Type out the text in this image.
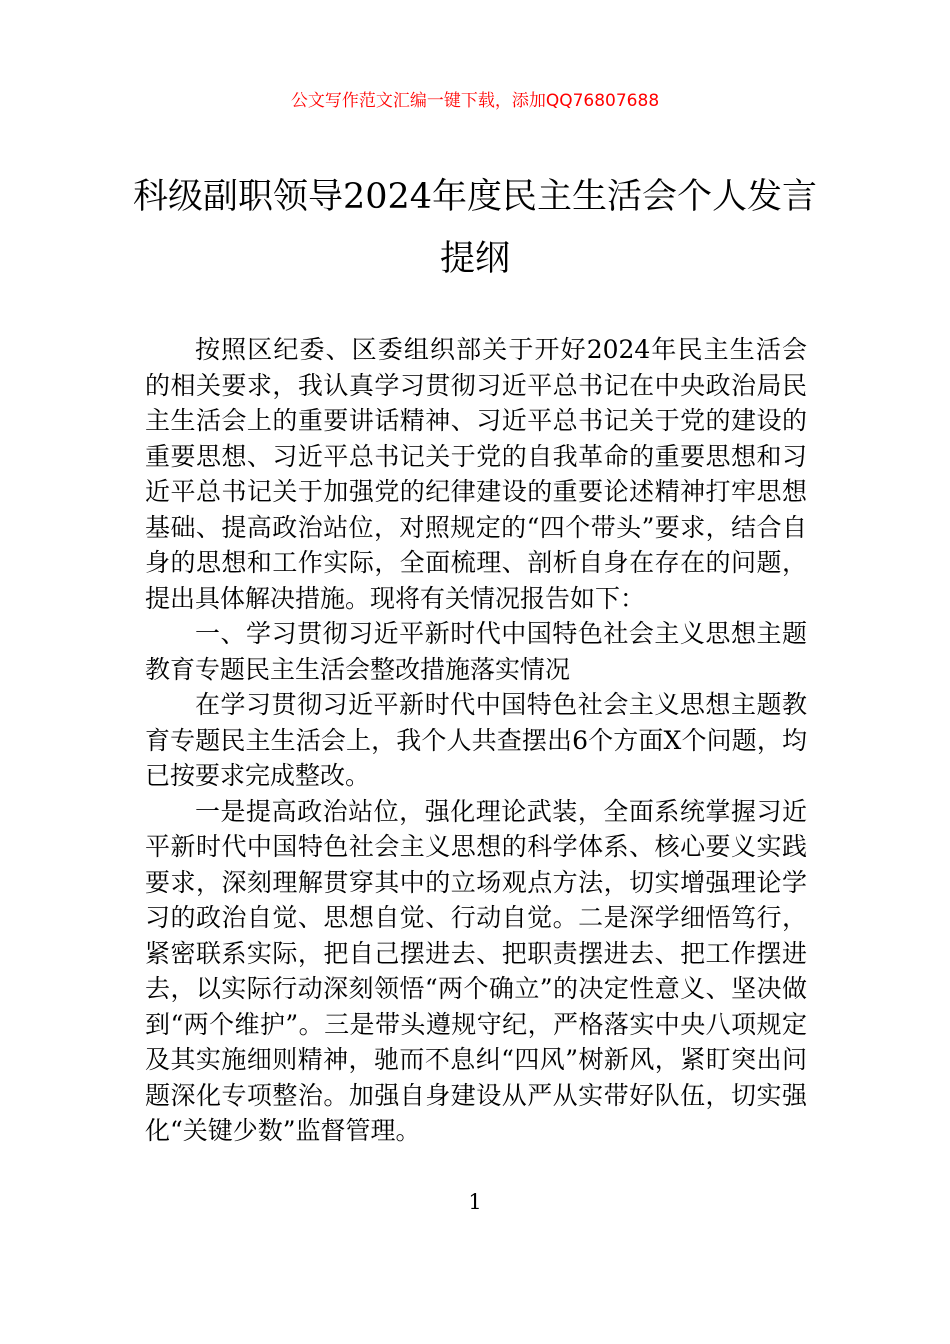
公文写作范文汇编一键下载，添加QQ76807688
科级副职领导2024年度民主生活会个人发言提纲

按照区纪委、区委组织部关于开好2024年民主生活会的相关要求，我认真学习贯彻习近平总书记在中央政治局民主生活会上的重要讲话精神、习近平总书记关于党的建设的重要思想、习近平总书记关于党的自我革命的重要思想和习近平总书记关于加强党的纪律建设的重要论述精神打牢思想基础、提高政治站位，对照规定的“四个带头”要求，结合自身的思想和工作实际，全面梳理、剖析自身在存在的问题，提出具体解决措施。现将有关情况报告如下：

一、学习贯彻习近平新时代中国特色社会主义思想主题教育专题民主生活会整改措施落实情况

在学习贯彻习近平新时代中国特色社会主义思想主题教育专题民主生活会上，我个人共查摆出6个方面X个问题，均已按要求完成整改。

一是提高政治站位，强化理论武装，全面系统掌握习近平新时代中国特色社会主义思想的科学体系、核心要义实践要求，深刻理解贯穿其中的立场观点方法，切实增强理论学习的政治自觉、思想自觉、行动自觉。二是深学细悟笃行，紧密联系实际，把自己摆进去、把职责摆进去、把工作摆进去，以实际行动深刻领悟“两个确立”的决定性意义、坚决做到“两个维护”。三是带头遵规守纪，严格落实中央八项规定及其实施细则精神，驰而不息纠“四风”树新风，紧盯突出问题深化专项整治。加强自身建设从严从实带好队伍，切实强化“关键少数”监督管理。

1
